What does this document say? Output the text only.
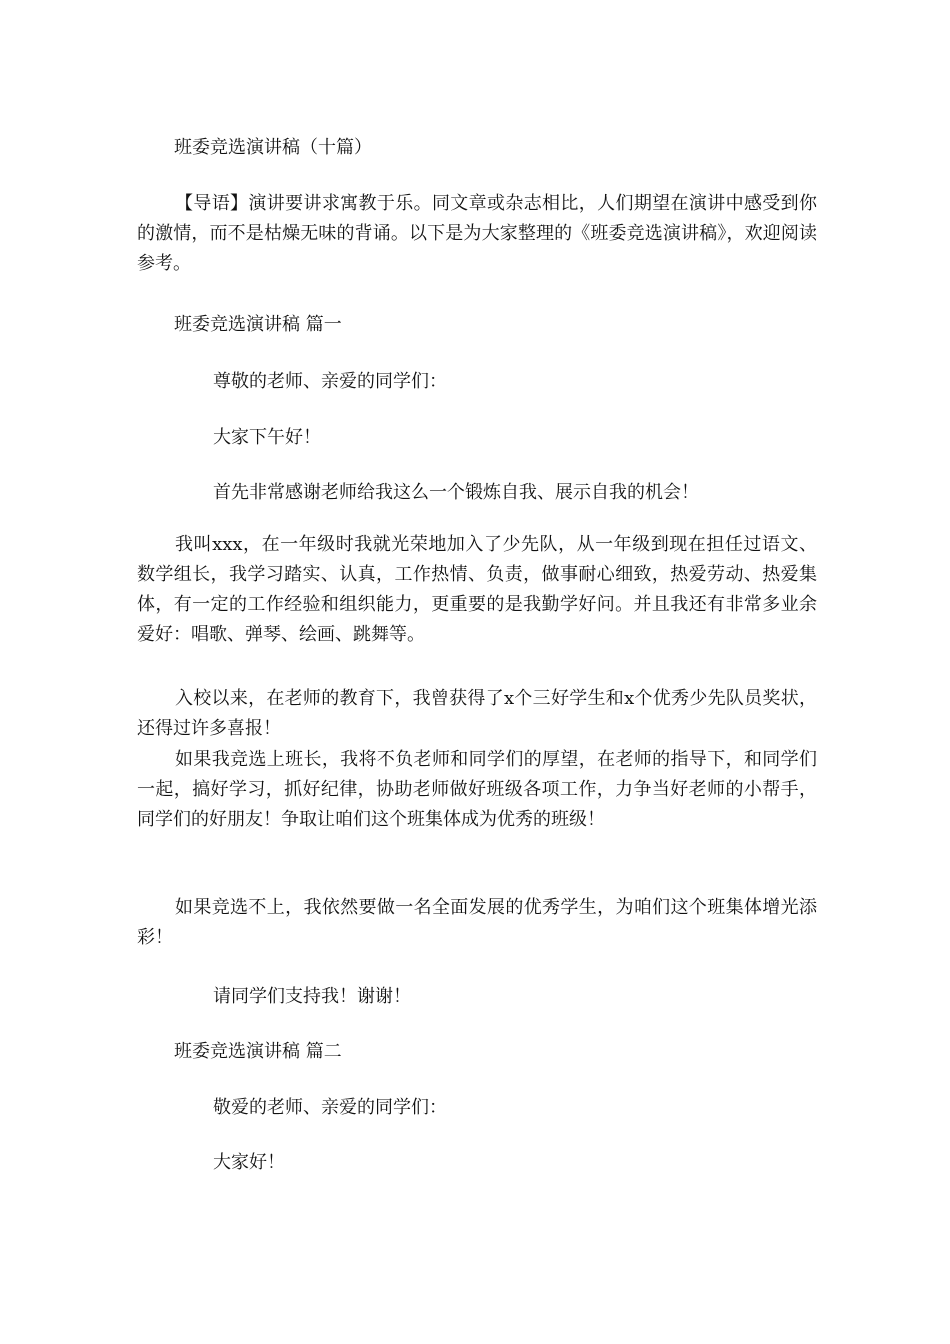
班委竞选演讲稿（十篇）

【导语】演讲要讲求寓教于乐。同文章或杂志相比，人们期望在演讲中感受到你的激情，而不是枯燥无味的背诵。以下是为大家整理的《班委竞选演讲稿》，欢迎阅读参考。

班委竞选演讲稿 篇一

尊敬的老师、亲爱的同学们：

大家下午好！

首先非常感谢老师给我这么一个锻炼自我、展示自我的机会！

我叫xxx，在一年级时我就光荣地加入了少先队，从一年级到现在担任过语文、数学组长，我学习踏实、认真，工作热情、负责，做事耐心细致，热爱劳动、热爱集体，有一定的工作经验和组织能力，更重要的是我勤学好问。并且我还有非常多业余爱好：唱歌、弹琴、绘画、跳舞等。

入校以来，在老师的教育下，我曾获得了x个三好学生和x个优秀少先队员奖状，还得过许多喜报！

如果我竞选上班长，我将不负老师和同学们的厚望，在老师的指导下，和同学们一起，搞好学习，抓好纪律，协助老师做好班级各项工作，力争当好老师的小帮手，同学们的好朋友！争取让咱们这个班集体成为优秀的班级！

如果竞选不上，我依然要做一名全面发展的优秀学生，为咱们这个班集体增光添彩！

请同学们支持我！谢谢！

班委竞选演讲稿 篇二

敬爱的老师、亲爱的同学们：

大家好！
